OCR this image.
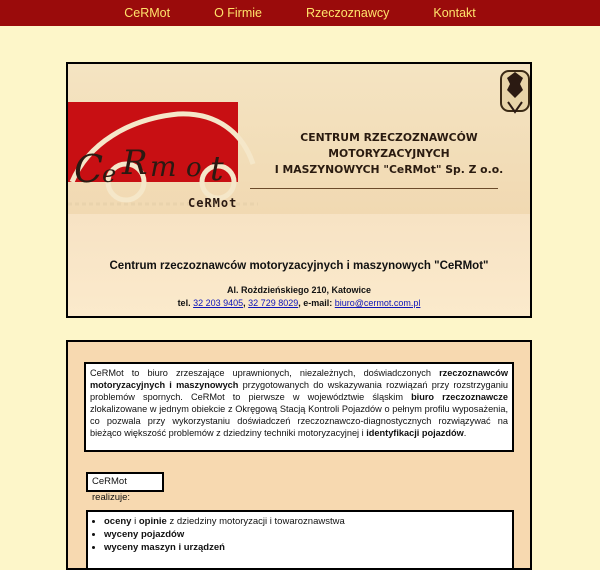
CeRMot	O Firmie	Rzeczoznawcy	Kontakt
C
e R m o t
CeRMot
CENTRUM RZECZOZNAWCÓW MOTORYZACYJNYCH
I MASZYNOWYCH "CeRMot" Sp. Z o.o.
Centrum rzeczoznawców motoryzacyjnych i maszynowych "CeRMot"
Al. Rożdzieńskiego 210, Katowice
tel. 32 203 9405, 32 729 8029, e-mail: biuro@cermot.com.pl
CeRMot to biuro zrzeszające uprawnionych, niezależnych, doświadczonych rzeczoznawców motoryzacyjnych i maszynowych przygotowanych do wskazywania rozwiązań przy rozstrzyganiu problemów spornych. CeRMot to pierwsze w województwie śląskim biuro rzeczoznawcze zlokalizowane w jednym obiekcie z Okręgową Stacją Kontroli Pojazdów o pełnym profilu wyposażenia, co pozwala przy wykorzystaniu doświadczeń rzeczoznawczo-diagnostycznych rozwiązywać na bieżąco większość problemów z dziedziny techniki motoryzacyjnej i identyfikacji pojazdów.
CeRMot realizuje:
• oceny i opinie z dziedziny motoryzacji i towaroznawstwa
• wyceny pojazdów
• wyceny maszyn i urządzeń
